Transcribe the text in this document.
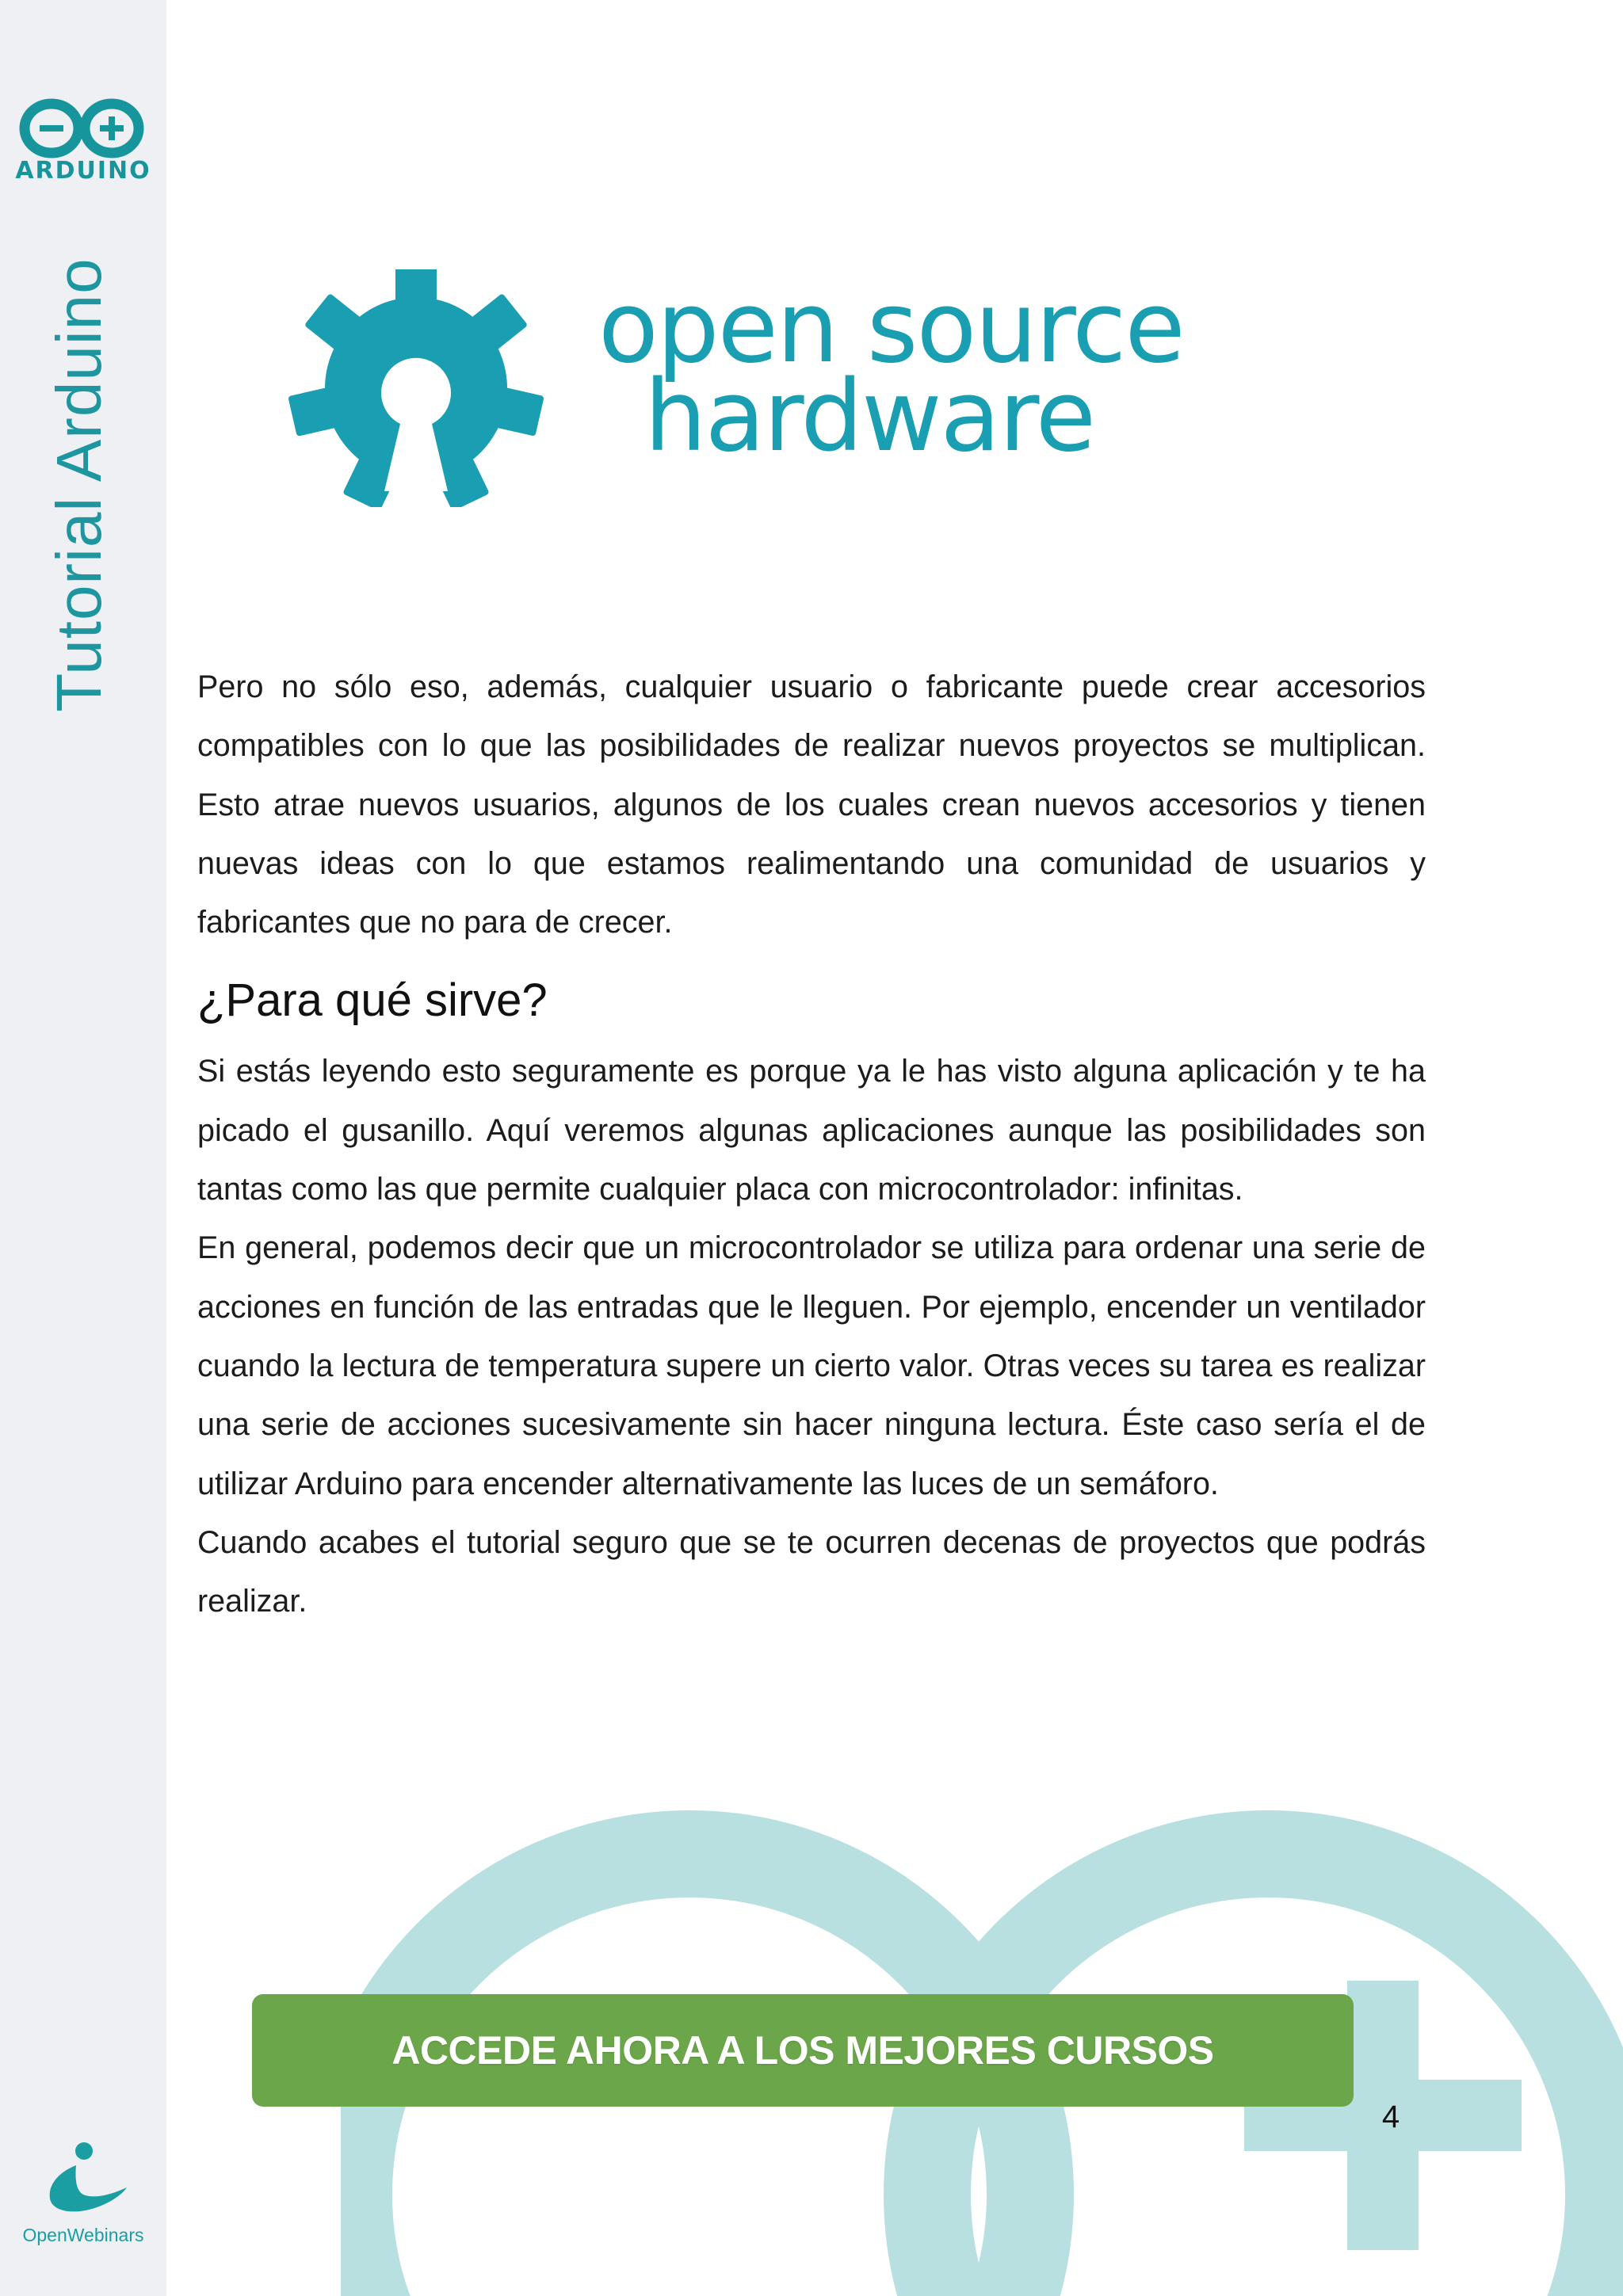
ARDUINO
Tutorial Arduino
OpenWebinars
open source
hardware

Pero no sólo eso, además, cualquier usuario o fabricante puede crear accesorios compatibles con lo que las posibilidades de realizar nuevos proyectos se multiplican. Esto atrae nuevos usuarios, algunos de los cuales crean nuevos accesorios y tienen nuevas ideas con lo que estamos realimentando una comunidad de usuarios y fabricantes que no para de crecer.

¿Para qué sirve?

Si estás leyendo esto seguramente es porque ya le has visto alguna aplicación y te ha picado el gusanillo. Aquí veremos algunas aplicaciones aunque las posibilidades son tantas como las que permite cualquier placa con microcontrolador: infinitas.

En general, podemos decir que un microcontrolador se utiliza para ordenar una serie de acciones en función de las entradas que le lleguen. Por ejemplo, encender un ventilador cuando la lectura de temperatura supere un cierto valor. Otras veces su tarea es realizar una serie de acciones sucesivamente sin hacer ninguna lectura. Éste caso sería el de utilizar Arduino para encender alternativamente las luces de un semáforo.

Cuando acabes el tutorial seguro que se te ocurren decenas de proyectos que podrás realizar.

ACCEDE AHORA A LOS MEJORES CURSOS
4
